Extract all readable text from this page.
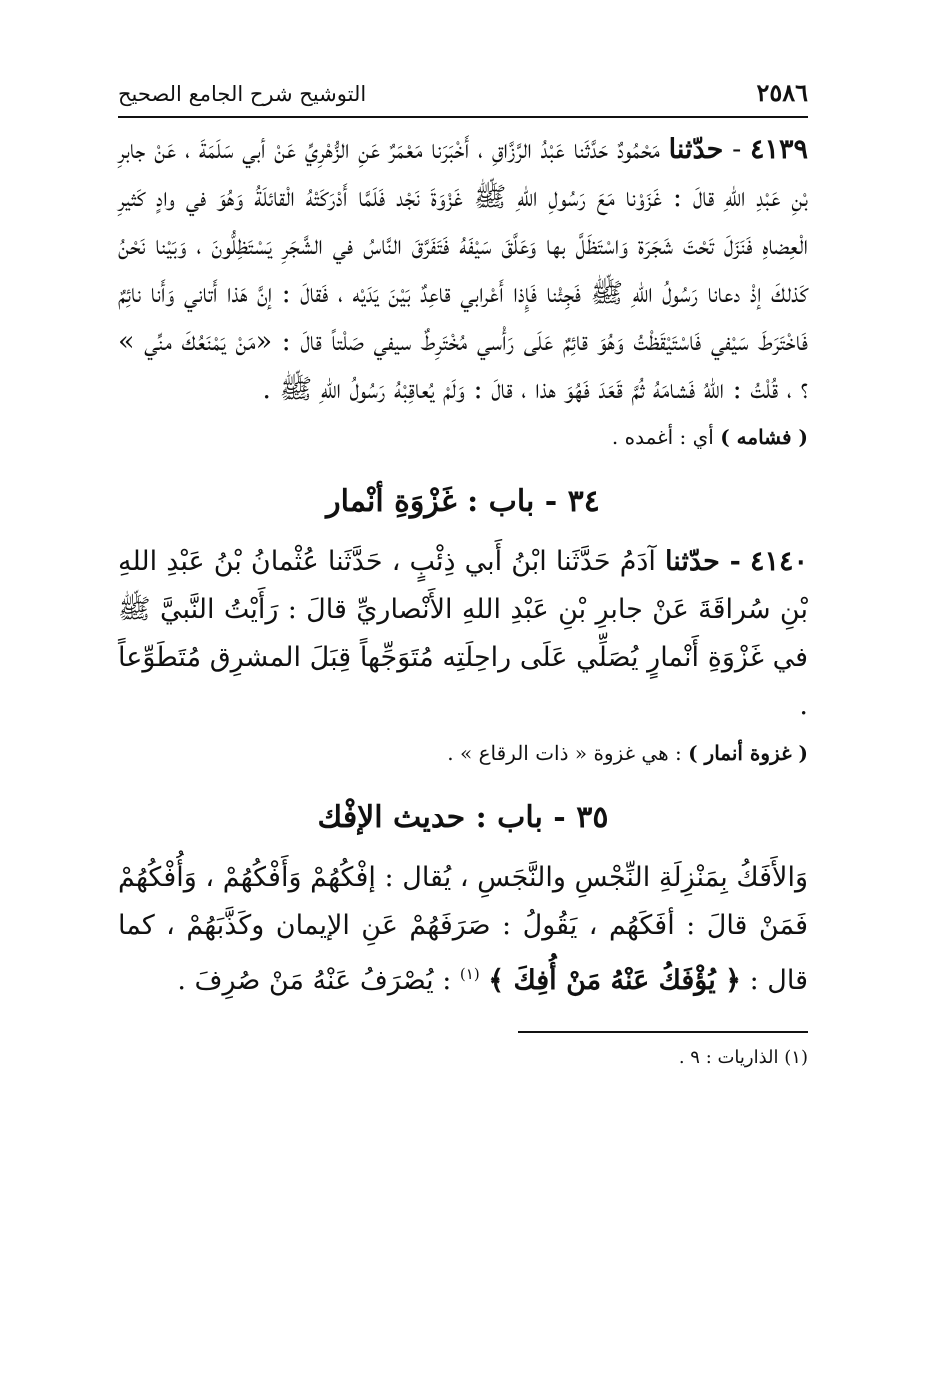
٢٥٨٦
التوشيح شرح الجامع الصحيح

٤١٣٩ - حدّثنا مَحْمُودٌ حَدَّثَنا عَبْدُ الرَّزَّاقِ ، أَخْبَرَنا مَعْمَرٌ عَنِ الزُّهْرِيِّ عَنْ أبي سَلَمَةَ ، عَنْ جابرِ بْنِ عَبْدِ اللهِ قالَ : غَزَوْنا مَعَ رَسُولِ اللهِ ﷺ غَزْوَةَ نَجْد فَلَمَّا أَدْرَكَتْهُ الْقائلَةُ وَهُوَ في وادٍ كَثيرِ الْعِضاهِ فَنَزَلَ تَحْتَ شَجَرَة وَاسْتَظَلَّ بها وَعَلَّقَ سَيْفَهُ فَتَفَرَّقَ النَّاسُ في الشَّجَرِ يَسْتَظِلُّونَ ، وَبَيْنا نَحْنُ كَذلكَ إذْ دعانا رَسُولُ اللهِ ﷺ فَجِئْنا فَإِذا أَعْرابي قاعِدٌ بَيْنَ يَدَيْه ، فَقالَ : إنَّ هَذا أَتاني وَأَنا نائِمٌ فَاخْتَرَطَ سَيْفي فَاسْتَيْقَظْتُ وَهُوَ قائِمٌ عَلَى رَأْسي مُخْتَرِطٌ سيفي صَلْتاً قالَ : «مَنْ يَمْنَعُكَ منِّي » ؟ ، قُلْتُ : اللهُ فَشامَهُ ثُمَّ قَعَدَ فَهُوَ هذا ، قالَ : وَلَمْ يُعاقِبْهُ رَسُولُ اللهِ ﷺ .

( فشامه ) أي : أغمده .

٣٤ - باب : غَزْوَةِ أنْمار

٤١٤٠ - حدّثنا آدَمُ حَدَّثَنا ابْنُ أَبي ذِئْبٍ ، حَدَّثَنا عُثْمانُ بْنُ عَبْدِ اللهِ بْنِ سُراقَةَ عَنْ جابرِ بْنِ عَبْدِ اللهِ الأَنْصاريِّ قالَ : رَأَيْتُ النَّبيَّ ﷺ في غَزْوَةِ أَنْمارٍ يُصَلِّي عَلَى راحِلَتِه مُتَوَجِّهاً قِبَلَ المشرِق مُتَطَوِّعاً .

( غزوة أنمار ) : هي غزوة « ذات الرقاع » .

٣٥ - باب : حديث الإفْك

وَالأَفَكُ بِمَنْزِلَةِ النِّجْسِ والنَّجَسِ ، يُقال : إفْكُهُمْ وَأَفْكُهُمْ ، وَأُفْكُهُمْ فَمَنْ قالَ : أفَكَهُم ، يَقُولُ : صَرَفَهُمْ عَنِ الإيمان وكَذَّبَهُمْ ، كما قال : ﴿ يُؤْفَكُ عَنْهُ مَنْ أُفِكَ ﴾ $^{(١)}$ : يُصْرَفُ عَنْهُ مَنْ صُرِفَ .

(١) الذاريات : ٩ .
